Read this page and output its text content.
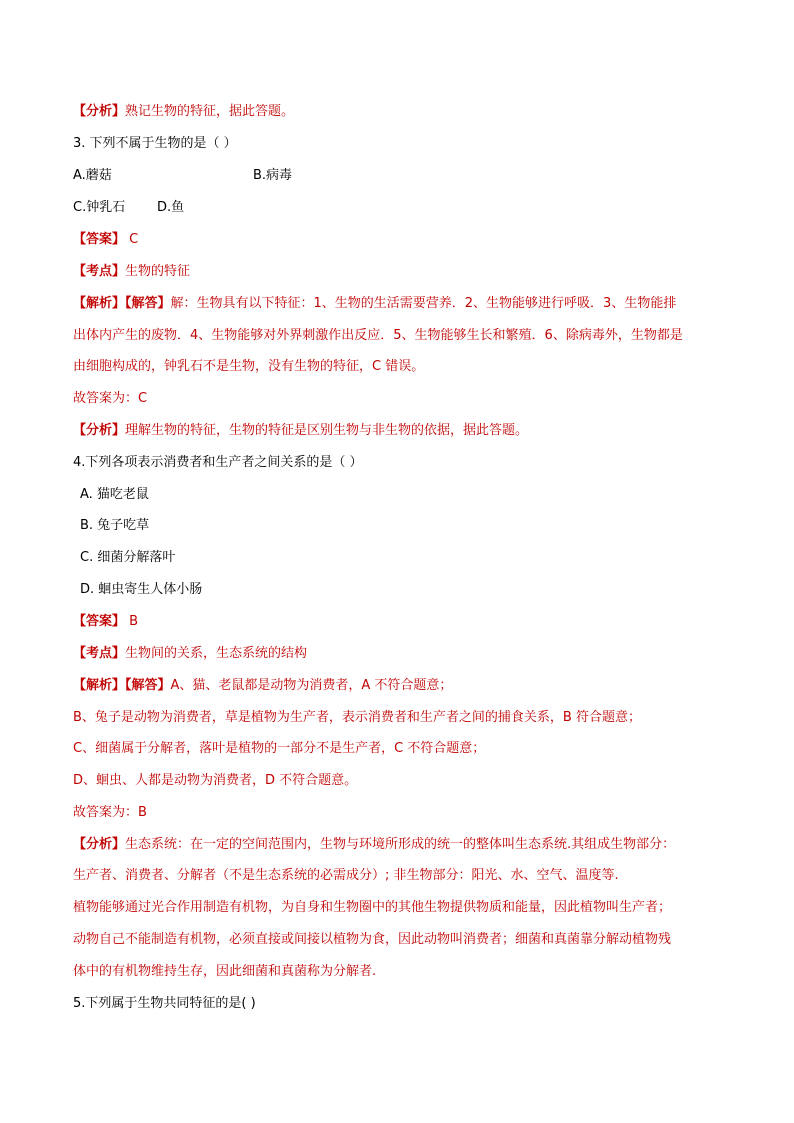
【分析】熟记生物的特征，据此答题。
3. 下列不属于生物的是（ ）
A.蘑菇	B.病毒
C.钟乳石 D.鱼
【答案】 C
【考点】生物的特征
【解析】【解答】解：生物具有以下特征：1、生物的生活需要营养．2、生物能够进行呼吸．3、生物能排
出体内产生的废物．4、生物能够对外界刺激作出反应．5、生物能够生长和繁殖．6、除病毒外，生物都是
由细胞构成的，钟乳石不是生物，没有生物的特征，C 错误。
故答案为：C
【分析】理解生物的特征，生物的特征是区别生物与非生物的依据，据此答题。
4.下列各项表示消费者和生产者之间关系的是（ ）
A. 猫吃老鼠
B. 兔子吃草
C. 细菌分解落叶
D. 蛔虫寄生人体小肠
【答案】 B
【考点】生物间的关系，生态系统的结构
【解析】【解答】A、猫、老鼠都是动物为消费者，A 不符合题意；
B、兔子是动物为消费者，草是植物为生产者，表示消费者和生产者之间的捕食关系，B 符合题意；
C、细菌属于分解者，落叶是植物的一部分不是生产者，C 不符合题意；
D、蛔虫、人都是动物为消费者，D 不符合题意。
故答案为：B
【分析】生态系统：在一定的空间范围内，生物与环境所形成的统一的整体叫生态系统.其组成生物部分：
生产者、消费者、分解者（不是生态系统的必需成分）; 非生物部分：阳光、水、空气、温度等.
植物能够通过光合作用制造有机物，为自身和生物圈中的其他生物提供物质和能量，因此植物叫生产者；
动物自己不能制造有机物，必须直接或间接以植物为食，因此动物叫消费者；细菌和真菌靠分解动植物残
体中的有机物维持生存，因此细菌和真菌称为分解者.
5.下列属于生物共同特征的是( )
